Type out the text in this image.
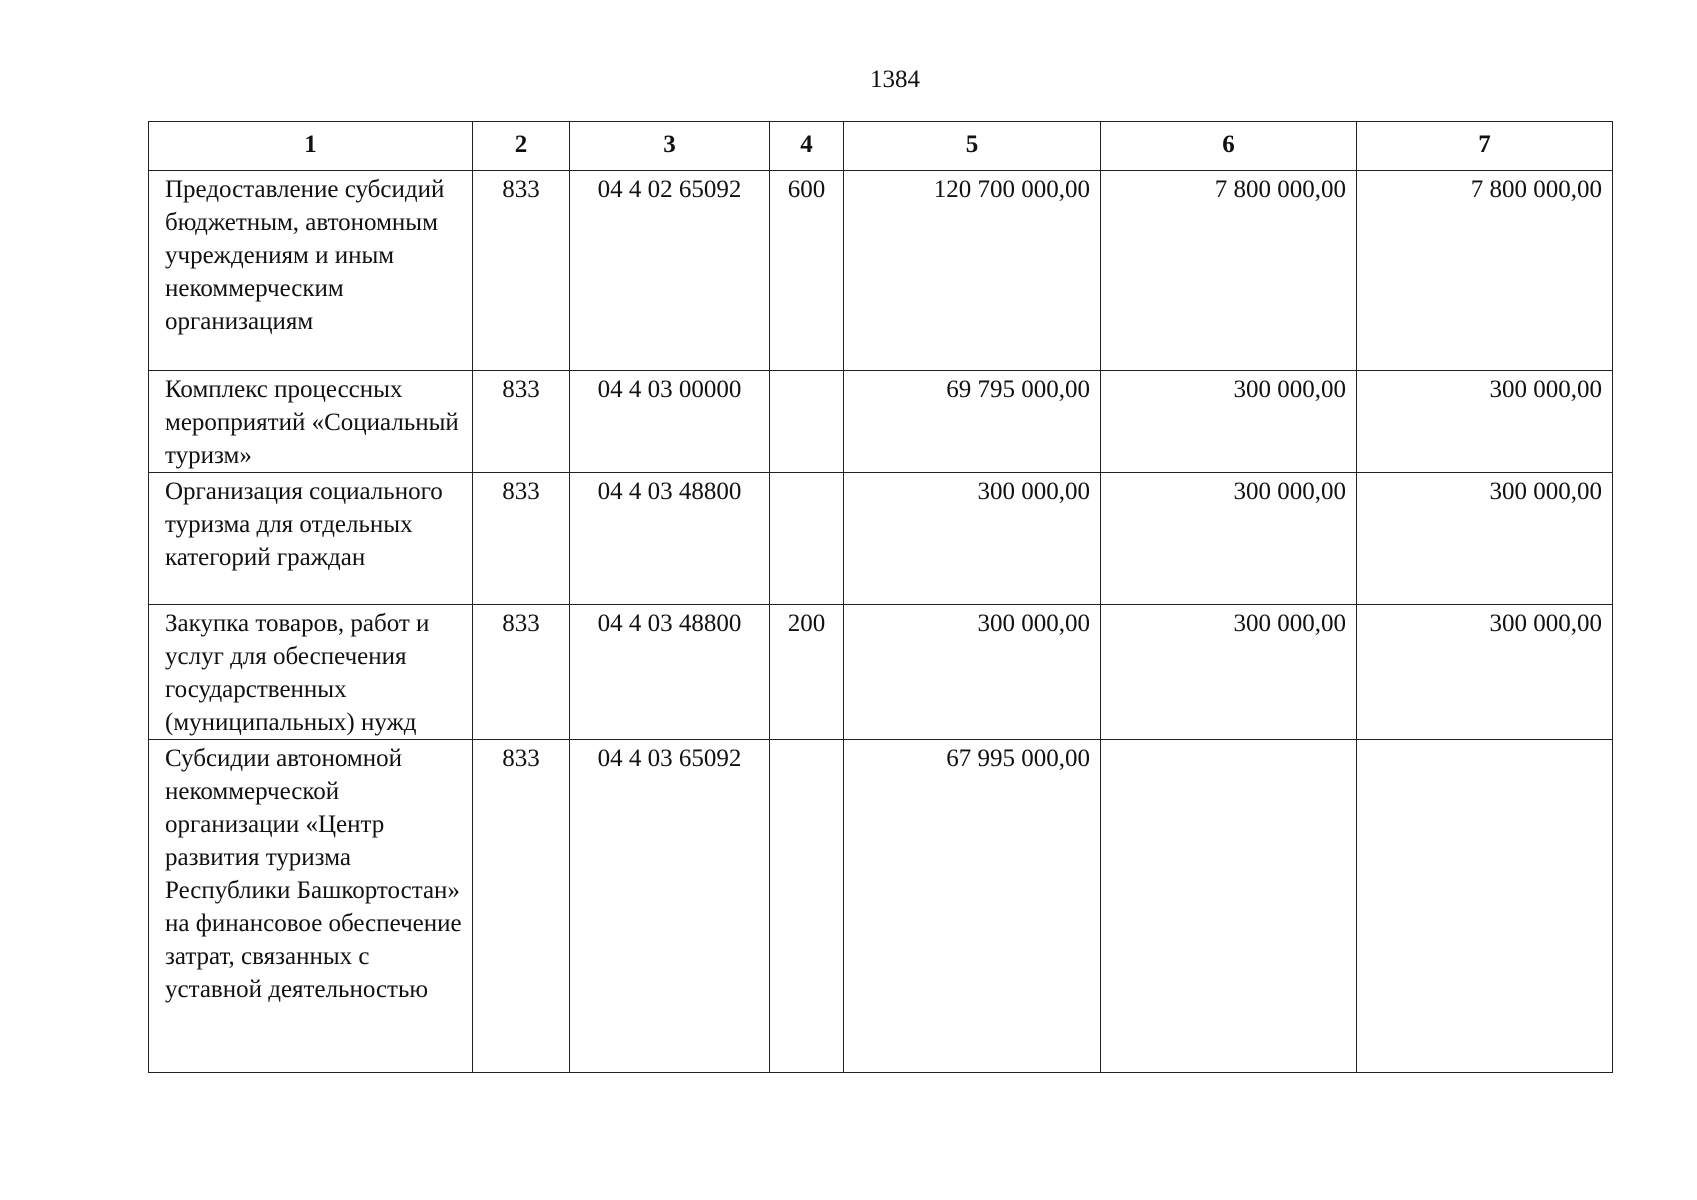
1384
1	2	3	4	5	6	7
Предоставление субсидий бюджетным, автономным учреждениям и иным некоммерческим организациям	833	04 4 02 65092	600	120 700 000,00	7 800 000,00	7 800 000,00
Комплекс процессных мероприятий «Социальный туризм»	833	04 4 03 00000		69 795 000,00	300 000,00	300 000,00
Организация социального туризма для отдельных категорий граждан	833	04 4 03 48800		300 000,00	300 000,00	300 000,00
Закупка товаров, работ и услуг для обеспечения государственных (муниципальных) нужд	833	04 4 03 48800	200	300 000,00	300 000,00	300 000,00
Субсидии автономной некоммерческой организации «Центр развития туризма Республики Башкортостан» на финансовое обеспечение затрат, связанных с уставной деятельностью	833	04 4 03 65092		67 995 000,00		
